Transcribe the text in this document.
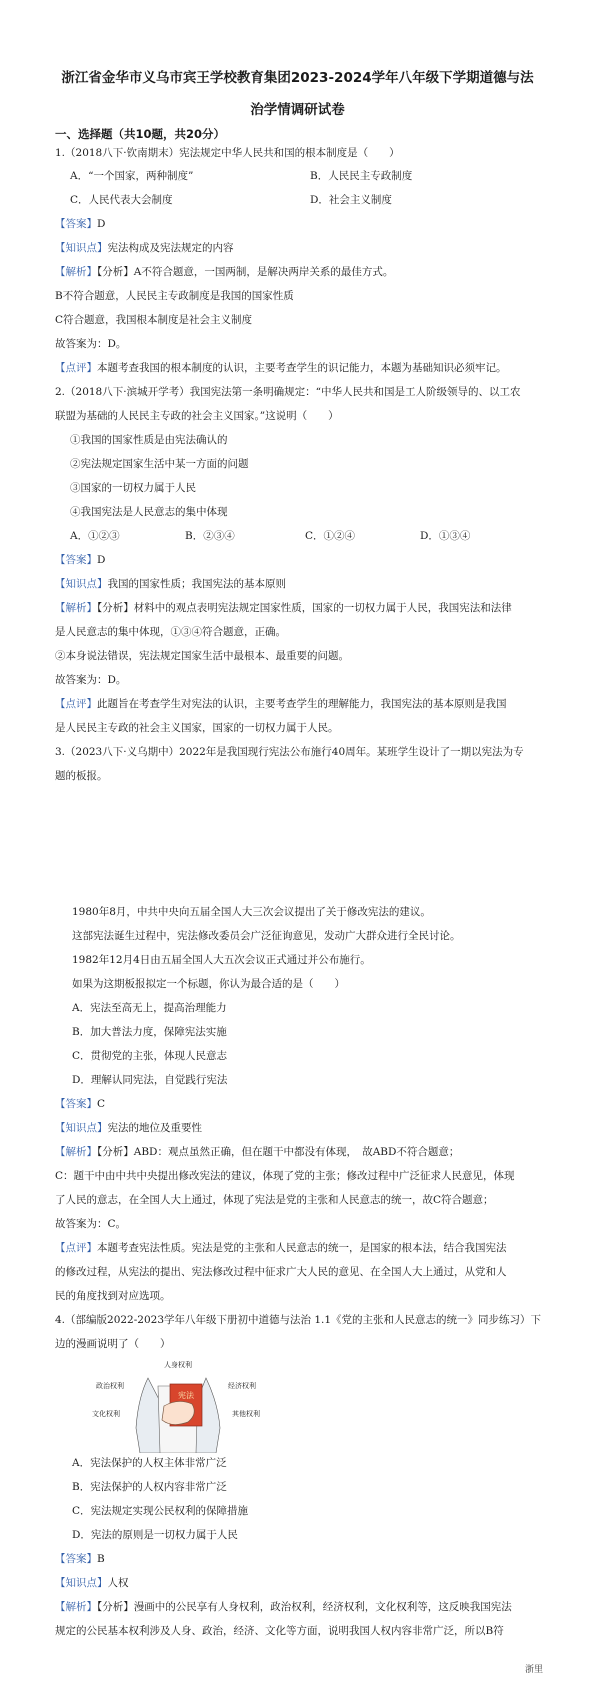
浙江省金华市义乌市宾王学校教育集团2023-2024学年八年级下学期道德与法

治学情调研试卷

一、选择题（共10题，共20分）

1.（2018八下·钦南期末）宪法规定中华人民共和国的根本制度是（　　）

A．“一个国家，两种制度”	B．人民民主专政制度
C．人民代表大会制度	D．社会主义制度

【答案】D

【知识点】宪法构成及宪法规定的内容

【解析】【分析】A不符合题意，一国两制，是解决两岸关系的最佳方式。

B不符合题意，人民民主专政制度是我国的国家性质

C符合题意，我国根本制度是社会主义制度

故答案为：D。

【点评】本题考查我国的根本制度的认识，主要考查学生的识记能力，本题为基础知识必须牢记。

2.（2018八下·滨城开学考）我国宪法第一条明确规定：“中华人民共和国是工人阶级领导的、以工农

联盟为基础的人民民主专政的社会主义国家。”这说明（　　）

①我国的国家性质是由宪法确认的

②宪法规定国家生活中某一方面的问题

③国家的一切权力属于人民

④我国宪法是人民意志的集中体现

A．①②③	B．②③④	C．①②④	D．①③④

【答案】D

【知识点】我国的国家性质；我国宪法的基本原则

【解析】【分析】材料中的观点表明宪法规定国家性质，国家的一切权力属于人民，我国宪法和法律

是人民意志的集中体现，①③④符合题意，正确。

②本身说法错误，宪法规定国家生活中最根本、最重要的问题。

故答案为：D。

【点评】此题旨在考查学生对宪法的认识，主要考查学生的理解能力，我国宪法的基本原则是我国

是人民民主专政的社会主义国家，国家的一切权力属于人民。

3.（2023八下·义乌期中）2022年是我国现行宪法公布施行40周年。某班学生设计了一期以宪法为专

题的板报。

1980年8月，中共中央向五届全国人大三次会议提出了关于修改宪法的建议。

这部宪法诞生过程中，宪法修改委员会广泛征询意见，发动广大群众进行全民讨论。

1982年12月4日由五届全国人大五次会议正式通过并公布施行。

如果为这期板报拟定一个标题，你认为最合适的是（　　）

A．宪法至高无上，提高治理能力

B．加大普法力度，保障宪法实施

C．贯彻党的主张，体现人民意志

D．理解认同宪法，自觉践行宪法

【答案】C

【知识点】宪法的地位及重要性

【解析】【分析】ABD：观点虽然正确，但在题干中都没有体现，　故ABD不符合题意；

C：题干中由中共中央提出修改宪法的建议，体现了党的主张；修改过程中广泛征求人民意见，体现

了人民的意志，在全国人大上通过，体现了宪法是党的主张和人民意志的统一，故C符合题意；

故答案为：C。

【点评】本题考查宪法性质。宪法是党的主张和人民意志的统一，是国家的根本法，结合我国宪法

的修改过程，从宪法的提出、宪法修改过程中征求广大人民的意见、在全国人大上通过，从党和人

民的角度找到对应选项。

4.（部编版2022-2023学年八年级下册初中道德与法治 1.1《党的主张和人民意志的统一》同步练习）下

边的漫画说明了（　　）

宪法
人身权利
政治权利
文化权利
经济权利
其他权利

A．宪法保护的人权主体非常广泛

B．宪法保护的人权内容非常广泛

C．宪法规定实现公民权利的保障措施

D．宪法的原则是一切权力属于人民

【答案】B

【知识点】人权

【解析】【分析】漫画中的公民享有人身权利，政治权利，经济权利，文化权利等，这反映我国宪法

规定的公民基本权利涉及人身、政治，经济、文化等方面，说明我国人权内容非常广泛，所以B符

浙里
